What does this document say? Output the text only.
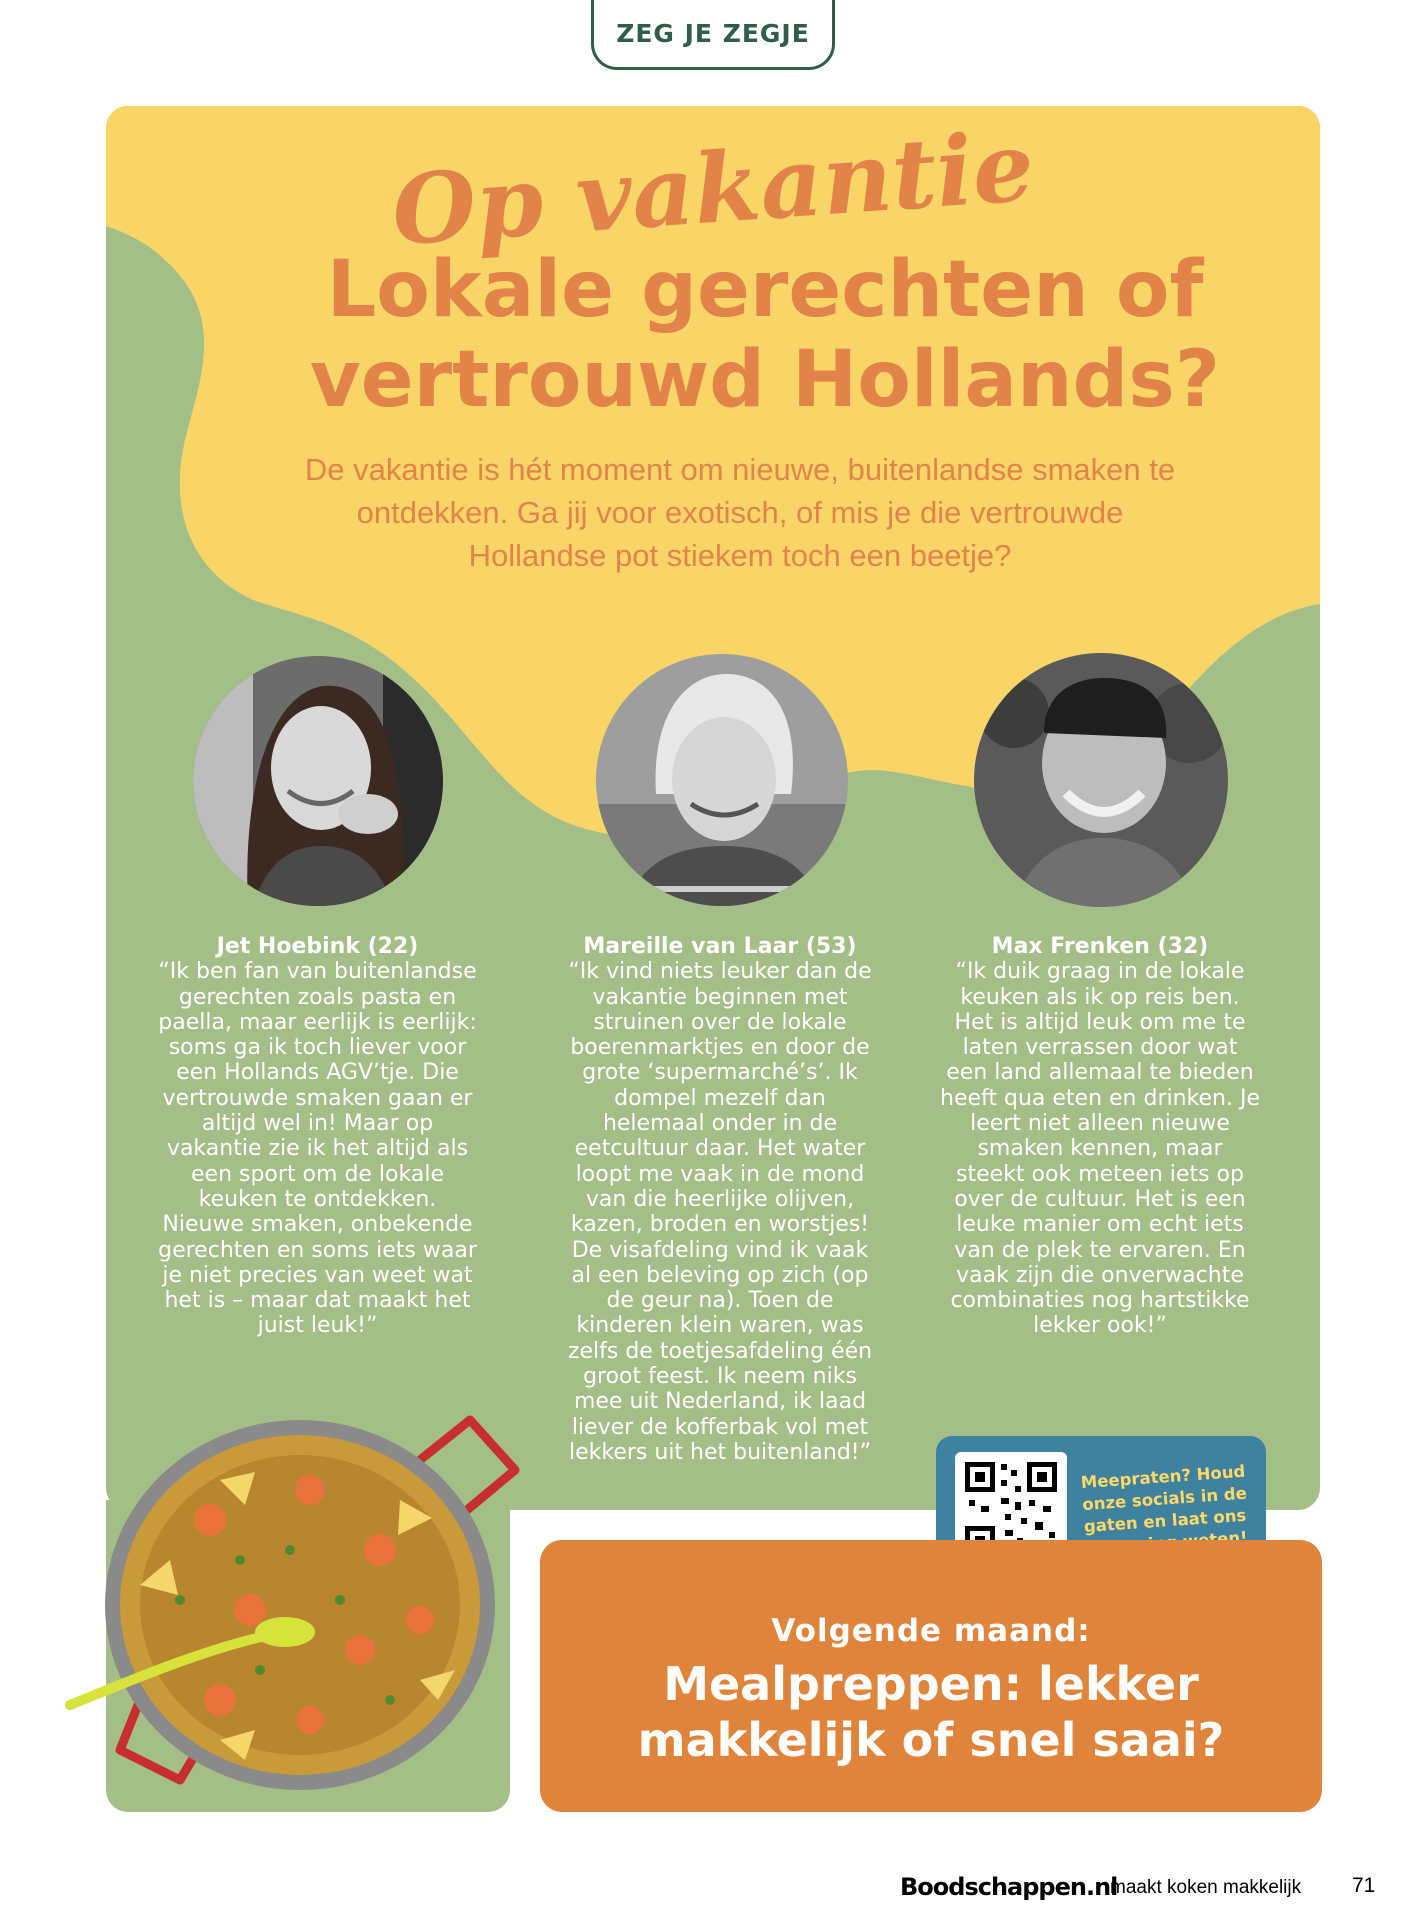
ZEG JE ZEGJE
Op vakantie
Lokale gerechten of
vertrouwd Hollands?
De vakantie is hét moment om nieuwe, buitenlandse smaken te ontdekken. Ga jij voor exotisch, of mis je die vertrouwde Hollandse pot stiekem toch een beetje?
Jet Hoebink (22)
“Ik ben fan van buitenlandse gerechten zoals pasta en paella, maar eerlijk is eerlijk: soms ga ik toch liever voor een Hollands AGV’tje. Die vertrouwde smaken gaan er altijd wel in! Maar op vakantie zie ik het altijd als een sport om de lokale keuken te ontdekken. Nieuwe smaken, onbekende gerechten en soms iets waar je niet precies van weet wat het is – maar dat maakt het juist leuk!”
Mareille van Laar (53)
“Ik vind niets leuker dan de vakantie beginnen met struinen over de lokale boerenmarktjes en door de grote ‘supermarché’s’. Ik dompel mezelf dan helemaal onder in de eetcultuur daar. Het water loopt me vaak in de mond van die heerlijke olijven, kazen, broden en worstjes! De visafdeling vind ik vaak al een beleving op zich (op de geur na). Toen de kinderen klein waren, was zelfs de toetjesafdeling één groot feest. Ik neem niks mee uit Nederland, ik laad liever de kofferbak vol met lekkers uit het buitenland!”
Max Frenken (32)
“Ik duik graag in de lokale keuken als ik op reis ben. Het is altijd leuk om me te laten verrassen door wat een land allemaal te bieden heeft qua eten en drinken. Je leert niet alleen nieuwe smaken kennen, maar steekt ook meteen iets op over de cultuur. Het is een leuke manier om echt iets van de plek te ervaren. En vaak zijn die onverwachte combinaties nog hartstikke lekker ook!”
Meepraten? Houd onze socials in de gaten en laat ons
Volgende maand:
Mealpreppen: lekker
makkelijk of snel saai?
Boodschappen.nl
maakt koken makkelijk 71
